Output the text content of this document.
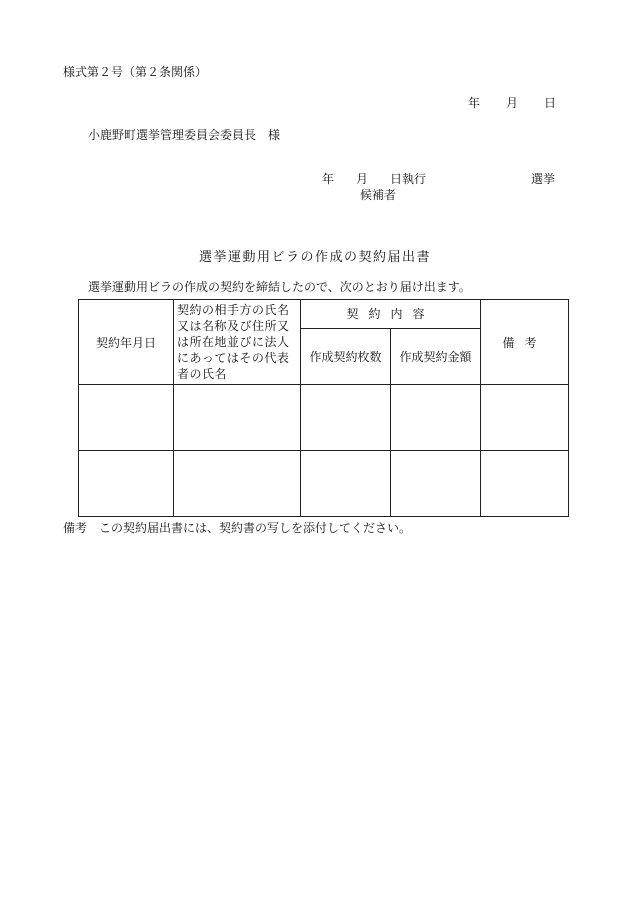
様式第２号（第２条関係）
年 月 日
小鹿野町選挙管理委員会委員長　様
年 月 日執行	選挙
候補者
選挙運動用ビラの作成の契約届出書
選挙運動用ビラの作成の契約を締結したので、次のとおり届け出ます。
契約年月日	契約の相手方の氏名又は名称及び住所又は所在地並びに法人にあってはその代表者の氏名	契約内容		備考
		作成契約枚数	作成契約金額	

備考　この契約届出書には、契約書の写しを添付してください。
